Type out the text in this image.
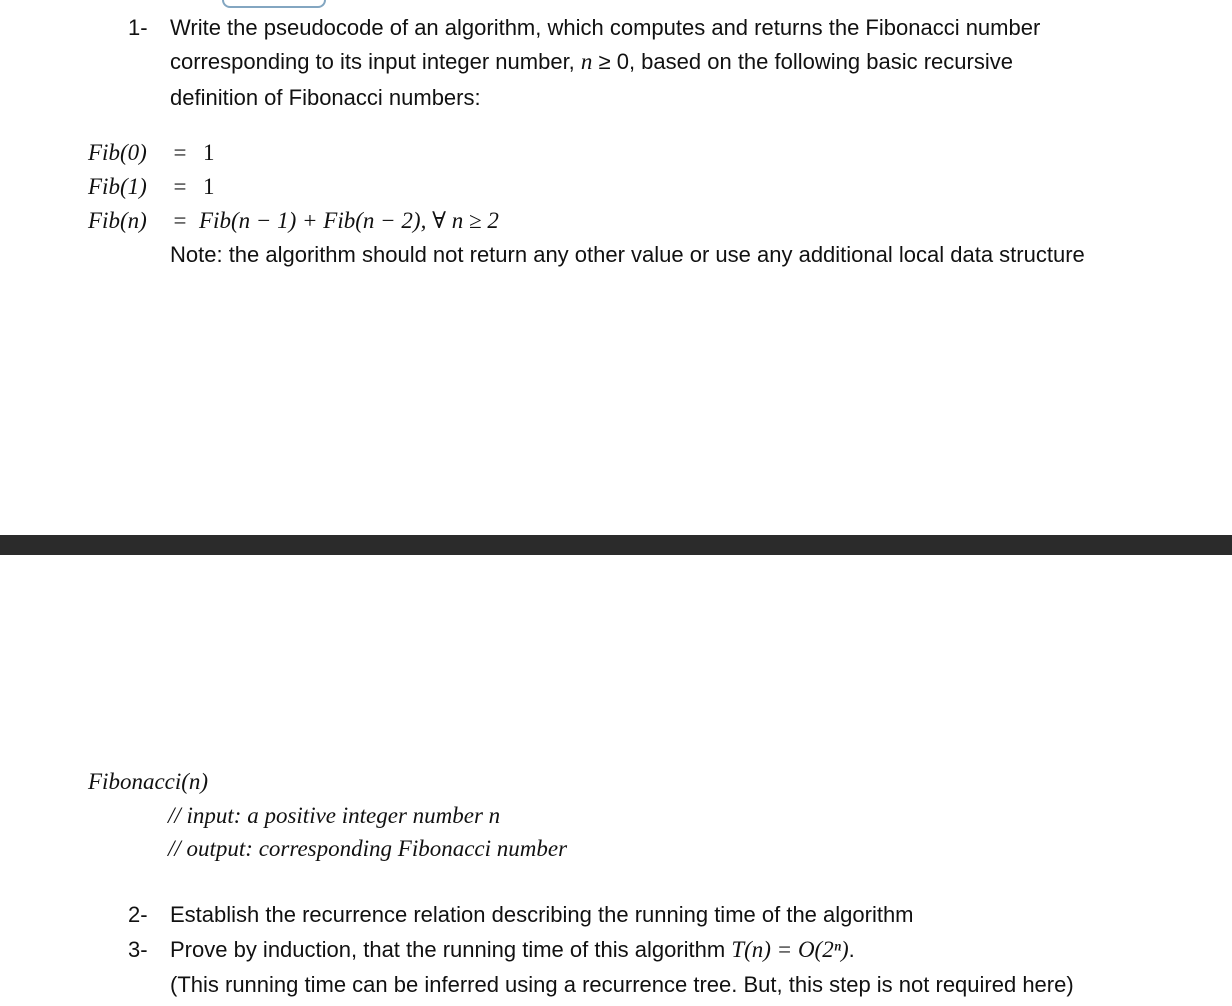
1- Write the pseudocode of an algorithm, which computes and returns the Fibonacci number
corresponding to its input integer number, n ≥ 0, based on the following basic recursive
definition of Fibonacci numbers:
Fib(0)	= 1
Fib(1)	= 1
Fib(n)	= Fib(n − 1) + Fib(n − 2), ∀ n ≥ 2
Note: the algorithm should not return any other value or use any additional local data structure
Fibonacci(n)
// input: a positive integer number n
// output: corresponding Fibonacci number
2- Establish the recurrence relation describing the running time of the algorithm
3- Prove by induction, that the running time of this algorithm T(n) = O(2ⁿ).
(This running time can be inferred using a recurrence tree. But, this step is not required here)
